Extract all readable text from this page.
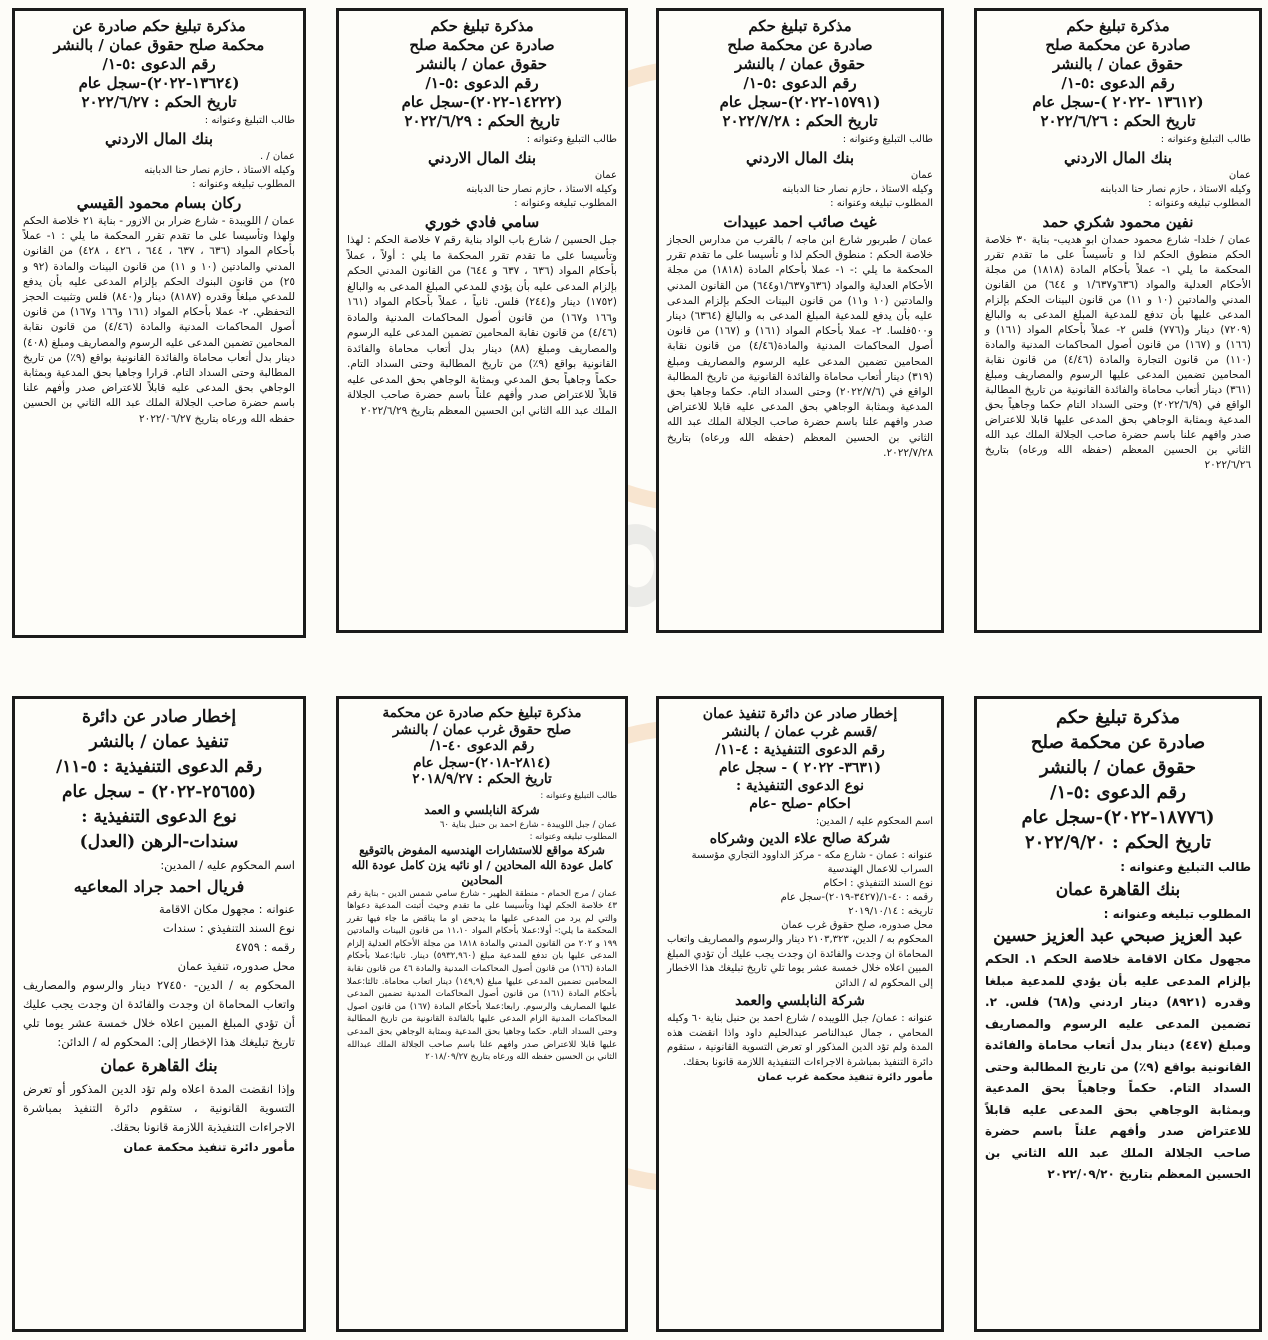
مذكرة تبليغ حكم صادرة عن
محكمة صلح حقوق عمان / بالنشر
رقم الدعوى :٥-١/
(١٣٦٢٤-٢٠٢٢)-سجل عام
تاريخ الحكم : ٢٠٢٢/٦/٢٧
طالب التبليغ وعنوانه :
بنك المال الاردني
عمان / .
وكيله الاستاذ ، حازم نصار حنا الدبابنه
المطلوب تبليغه وعنوانه :
ركان بسام محمود القيسي
عمان / اللويبدة - شارع ضرار بن الازور - بناية ٢١ خلاصة الحكم ولهذا وتأسيسا على ما تقدم تقرر المحكمة ما يلي : ١- عملاً بأحكام المواد (٦٣٦ ، ٦٣٧ ، ٦٤٤ ، ٤٢٦ ، ٤٢٨) من القانون المدني والمادتين (١٠ و ١١) من قانون البينات والمادة (٩٢ و ٢٥) من قانون البنوك الحكم بإلزام المدعى عليه بأن يدفع للمدعي مبلغاً وقدره (٨١٨٧) دينار و(٨٤٠) فلس وتثبيت الحجز التحفظي. ٢- عملا بأحكام المواد (١٦١ و١٦٦ و١٦٧) من قانون أصول المحاكمات المدنية والمادة (٤/٤٦) من قانون نقابة المحامين تضمين المدعى عليه الرسوم والمصاريف ومبلغ (٤٠٨) دينار بدل أتعاب محاماة والفائدة القانونية بواقع (٩٪) من تاريخ المطالبة وحتى السداد التام. قرارا وجاهيا بحق المدعية وبمثابة الوجاهي بحق المدعى عليه قابلاً للاعتراض صدر وأفهم علنا باسم حضرة صاحب الجلالة الملك عبد الله الثاني بن الحسين حفظه الله ورعاه بتاريخ ٢٠٢٢/٠٦/٢٧
مذكرة تبليغ حكم
صادرة عن محكمة صلح
حقوق عمان / بالنشر
رقم الدعوى :٥-١/
(١٤٢٢٢-٢٠٢٢)-سجل عام
تاريخ الحكم : ٢٠٢٢/٦/٢٩
طالب التبليغ وعنوانه :
بنك المال الاردني
عمان
وكيله الاستاذ ، حازم نصار حنا الدبابنه
المطلوب تبليغه وعنوانه :
سامي فادي خوري
جبل الحسين / شارع باب الواد بناية رقم ٧ خلاصة الحكم : لهذا وتأسيسا على ما تقدم تقرر المحكمة ما يلي : أولاً ، عملاً بأحكام المواد (٦٣٦ ، ٦٣٧ و ٦٤٤) من القانون المدني الحكم بإلزام المدعى عليه بأن يؤدي للمدعي المبلغ المدعى به والبالغ (١٧٥٢) دينار و(٢٤٤) فلس. ثانياً ، عملاً بأحكام المواد (١٦١ و١٦٦ و١٦٧) من قانون أصول المحاكمات المدنية والمادة (٤/٤٦) من قانون نقابة المحامين تضمين المدعى عليه الرسوم والمصاريف ومبلغ (٨٨) دينار بدل أتعاب محاماة والفائدة القانونية بواقع (٩٪) من تاريخ المطالبة وحتى السداد التام. حكماً وجاهياً بحق المدعي وبمثابة الوجاهي بحق المدعى عليه قابلاً للاعتراض صدر وأفهم علناً باسم حضرة صاحب الجلالة الملك عبد الله الثاني ابن الحسين المعظم بتاريخ ٢٠٢٢/٦/٢٩
مذكرة تبليغ حكم
صادرة عن محكمة صلح
حقوق عمان / بالنشر
رقم الدعوى :٥-١/
(١٥٧٩١-٢٠٢٢)-سجل عام
تاريخ الحكم : ٢٠٢٢/٧/٢٨
طالب التبليغ وعنوانه :
بنك المال الاردني
عمان
وكيله الاستاذ ، حازم نصار حنا الدبابنه
المطلوب تبليغه وعنوانه :
غيث صائب احمد عبيدات
عمان / طبربور شارع ابن ماجه / بالقرب من مدارس الحجاز خلاصة الحكم : منطوق الحكم لذا و تأسيسا على ما تقدم تقرر المحكمة ما يلي :- ١- عملا بأحكام المادة (١٨١٨) من مجلة الأحكام العدلية والمواد (٦٣٦و١/٦٣٧و٦٤٤) من القانون المدني والمادتين (١٠ و١١) من قانون البينات الحكم بإلزام المدعى عليه بأن يدفع للمدعية المبلغ المدعى به والبالغ (٦٣٦٤) دينار و٥٠٠فلسا. ٢- عملا بأحكام المواد (١٦١) و (١٦٧) من قانون أصول المحاكمات المدنية والمادة(٤/٤٦) من قانون نقابة المحامين تضمين المدعى عليه الرسوم والمصاريف ومبلغ (٣١٩) دينار أتعاب محاماة والفائدة القانونية من تاريخ المطالبة الواقع في (٢٠٢٢/٧/٦) وحتى السداد التام. حكما وجاهيا بحق المدعية وبمثابة الوجاهي بحق المدعى عليه قابلا للاعتراض صدر وافهم علنا باسم حضرة صاحب الجلالة الملك عبد الله الثاني بن الحسين المعظم (حفظه الله ورعاه) بتاريخ ٢٠٢٢/٧/٢٨.
مذكرة تبليغ حكم
صادرة عن محكمة صلح
حقوق عمان / بالنشر
رقم الدعوى :٥-١/
(١٣٦١٢ -٢٠٢٢ )-سجل عام
تاريخ الحكم : ٢٠٢٢/٦/٢٦
طالب التبليغ وعنوانه :
بنك المال الاردني
عمان
وكيله الاستاذ ، حازم نصار حنا الدبابنه
المطلوب تبليغه وعنوانه :
نفين محمود شكري حمد
عمان / خلدا- شارع محمود حمدان ابو هديب- بناية ٣٠ خلاصة الحكم منطوق الحكم لذا و تأسيساً على ما تقدم تقرر المحكمة ما يلي ١- عملاً بأحكام المادة (١٨١٨) من مجلة الأحكام العدلية والمواد (٦٣٦و١/٦٣٧ و ٦٤٤) من القانون المدني والمادتين (١٠ و ١١) من قانون البينات الحكم بإلزام المدعى عليها بأن تدفع للمدعية المبلغ المدعى به والبالغ (٧٢٠٩) دينار و(٧٧٦) فلس ٢- عملاً بأحكام المواد (١٦١) و (١٦٦) و (١٦٧) من قانون أصول المحاكمات المدنية والمادة (١١٠) من قانون التجارة والمادة (٤/٤٦) من قانون نقابة المحامين تضمين المدعى عليها الرسوم والمصاريف ومبلغ (٣٦١) دينار أتعاب محاماة والفائدة القانونية من تاريخ المطالبة الواقع في (٢٠٢٢/٦/٩) وحتى السداد التام حكما وجاهياً بحق المدعية وبمثابة الوجاهي بحق المدعى عليها قابلا للاعتراض صدر وافهم علنا باسم حضرة صاحب الجلالة الملك عبد الله الثاني بن الحسين المعظم (حفظه الله ورعاه) بتاريخ ٢٠٢٢/٦/٢٦
إخطار صادر عن دائرة
تنفيذ عمان / بالنشر
رقم الدعوى التنفيذية : ٥-١١/
(٢٥٦٥٥-٢٠٢٢) - سجل عام
نوع الدعوى التنفيذية :
سندات-الرهن (العدل)
اسم المحكوم عليه / المدين:
فريال احمد جراد المعاعيه
عنوانه : مجهول مكان الاقامة
نوع السند التنفيذي : سندات
رقمه : ٤٧٥٩
محل صدوره، تنفيذ عمان
المحكوم به / الدين- ٢٧٤٥٠ دينار والرسوم والمصاريف واتعاب المحاماة ان وجدت والفائدة ان وجدت يجب عليك أن تؤدي المبلغ المبين اعلاه خلال خمسة عشر يوما تلي تاريخ تبليغك هذا الإخطار إلى: المحكوم له / الدائن:
بنك القاهرة عمان
وإذا انقضت المدة اعلاه ولم تؤد الدين المذكور أو تعرض التسوية القانونية ، ستقوم دائرة التنفيذ بمباشرة الاجراءات التنفيذية اللازمة قانونا بحقك.
مأمور دائرة تنفيذ محكمة عمان
مذكرة تبليغ حكم صادرة عن محكمة
صلح حقوق غرب عمان / بالنشر
رقم الدعوى ٤٠-١/
(٢٨١٤-٢٠١٨)-سجل عام
تاريخ الحكم : ٢٠١٨/٩/٢٧
طالب التبليغ وعنوانه :
شركة النابلسي و العمد
عمان / جبل اللويبدة - شارع احمد بن حنبل بناية ٦٠
المطلوب تبليغه وعنوانه :
شركة مواقع للاستشارات الهندسيه المفوض بالتوقيع كامل عودة الله المحادين / او نائبه يزن كامل عودة الله المحادين
عمان / مرج الحمام - منطقة الظهير - شارع سامي شمس الدين - بناية رقم ٤٣ خلاصة الحكم لهذا وتأسيسا على ما تقدم وحيث أثبتت المدعية دعواها والتي لم يرد من المدعى عليها ما يدحض او ما يناقض ما جاء فيها تقرر المحكمة ما يلي:- أولا:عملا بأحكام المواد ١١،١٠ من قانون البينات والمادتين ١٩٩ و ٢٠٢ من القانون المدني والمادة ١٨١٨ من مجلة الأحكام العدلية إلزام المدعى عليها بان تدفع للمدعية مبلغ (٥٩٣٢,٩٦٠) دينار. ثانيا:عملا بأحكام المادة (١٦٦) من قانون أصول المحاكمات المدنية والمادة ٤٦ من قانون نقابة المحامين تضمين المدعى عليها مبلغ (١٤٩,٩) دينار اتعاب محاماة. ثالثا:عملا بأحكام المادة (١٦١) من قانون أصول المحاكمات المدنية تضمين المدعى عليها المصاريف والرسوم. رابعا:عملا بأحكام المادة (١٦٧) من قانون اصول المحاكمات المدنية الزام المدعى عليها بالفائدة القانونية من تاريخ المطالبة وحتى السداد التام. حكما وجاهيا بحق المدعية وبمثابة الوجاهي بحق المدعى عليها قابلا للاعتراض صدر وافهم علنا باسم صاحب الجلالة الملك عبدالله الثاني بن الحسين حفظه الله ورعاه بتاريخ ٢٠١٨/٠٩/٢٧
إخطار صادر عن دائرة تنفيذ عمان
/قسم غرب عمان / بالنشر
رقم الدعوى التنفيذية : ٤-١١/
(٣٦٣١- ٢٠٢٢ ) - سجل عام
نوع الدعوى التنفيذية :
احكام -صلح -عام
اسم المحكوم عليه / المدين:
شركة صالح علاء الدين وشركاه
عنوانه : عمان - شارع مكه - مركز الداوود التجاري مؤسسة السراب للاعمال الهندسية
نوع السند التنفيذي : احكام
رقمه : ٤٠-١/(٣٤٢٧-٢٠١٩)-سجل عام
تاريخه : ٢٠١٩/١٠/١٤
محل صدوره، صلح حقوق غرب عمان
المحكوم به / الدين، ٢١٠٣,٣٢٣ دينار والرسوم والمصاريف واتعاب المحاماة ان وجدت والفائدة ان وجدت يجب عليك أن تؤدي المبلغ المبين اعلاه خلال خمسة عشر يوما تلي تاريخ تبليغك هذا الاخطار إلى المحكوم له / الدائن
شركة النابلسي والعمد
عنوانه : عمان/ جبل اللويبده / شارع احمد بن حنبل بناية ٦٠ وكيله المحامي ، جمال عبدالناصر عبدالحليم داود واذا انقضت هذه المدة ولم تؤد الدين المذكور او تعرض التسوية القانونية ، ستقوم دائرة التنفيذ بمباشرة الاجراءات التنفيذية اللازمة قانونا بحقك.
مأمور دائرة تنفيذ محكمة غرب عمان
مذكرة تبليغ حكم
صادرة عن محكمة صلح
حقوق عمان / بالنشر
رقم الدعوى :٥-١/
(١٨٧٧٦-٢٠٢٢)-سجل عام
تاريخ الحكم : ٢٠٢٢/٩/٢٠
طالب التبليغ وعنوانه :
بنك القاهرة عمان
المطلوب تبليغه وعنوانه :
عبد العزيز صبحي عبد العزيز حسين
مجهول مكان الاقامة خلاصة الحكم ١. الحكم بإلزام المدعى عليه بأن يؤدي للمدعية مبلغا وقدره (٨٩٢١) دينار اردني و(٦٨) فلس. ٢. تضمين المدعى عليه الرسوم والمصاريف ومبلغ (٤٤٧) دينار بدل أتعاب محاماة والفائدة القانونية بواقع (٩٪) من تاريخ المطالبة وحتى السداد التام. حكماً وجاهياً بحق المدعية وبمثابة الوجاهي بحق المدعى عليه قابلاً للاعتراض صدر وأفهم علناً باسم حضرة صاحب الجلالة الملك عبد الله الثاني بن الحسين المعظم بتاريخ ٢٠٢٢/٠٩/٢٠
